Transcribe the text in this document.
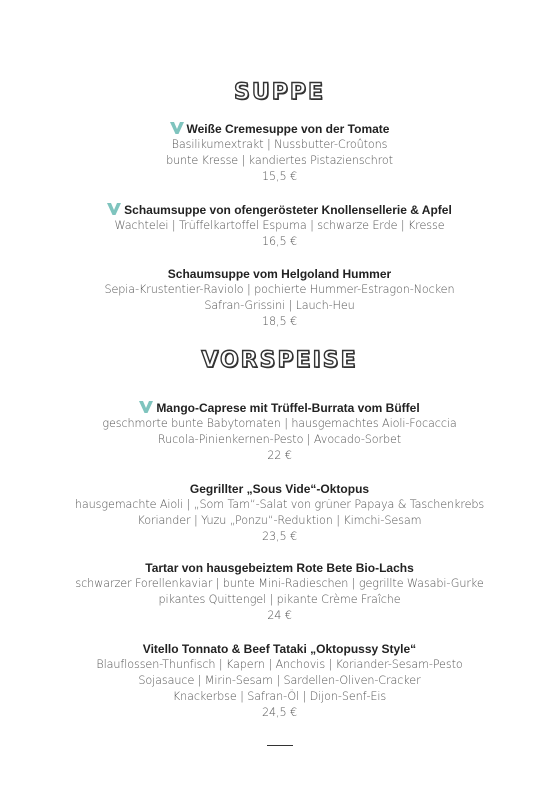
SUPPE
Weiße Cremesuppe von der Tomate
Basilikumextrakt | Nussbutter-Croûtons
bunte Kresse | kandiertes Pistazienschrot
15,5 €
Schaumsuppe von ofengerösteter Knollensellerie & Apfel
Wachtelei | Trüffelkartoffel Espuma | schwarze Erde | Kresse
16,5 €
Schaumsuppe vom Helgoland Hummer
Sepia-Krustentier-Raviolo | pochierte Hummer-Estragon-Nocken
Safran-Grissini | Lauch-Heu
18,5 €
VORSPEISE
Mango-Caprese mit Trüffel-Burrata vom Büffel
geschmorte bunte Babytomaten | hausgemachtes Aioli-Focaccia
Rucola-Pinienkernen-Pesto | Avocado-Sorbet
22 €
Gegrillter „Sous Vide“-Oktopus
hausgemachte Aioli | „Som Tam“-Salat von grüner Papaya & Taschenkrebs
Koriander | Yuzu „Ponzu“-Reduktion | Kimchi-Sesam
23,5 €
Tartar von hausgebeiztem Rote Bete Bio-Lachs
schwarzer Forellenkaviar | bunte Mini-Radieschen | gegrillte Wasabi-Gurke
pikantes Quittengel | pikante Crème Fraîche
24 €
Vitello Tonnato & Beef Tataki „Oktopussy Style“
Blauflossen-Thunfisch | Kapern | Anchovis | Koriander-Sesam-Pesto
Sojasauce | Mirin-Sesam | Sardellen-Oliven-Cracker
Knackerbse | Safran-Öl | Dijon-Senf-Eis
24,5 €
